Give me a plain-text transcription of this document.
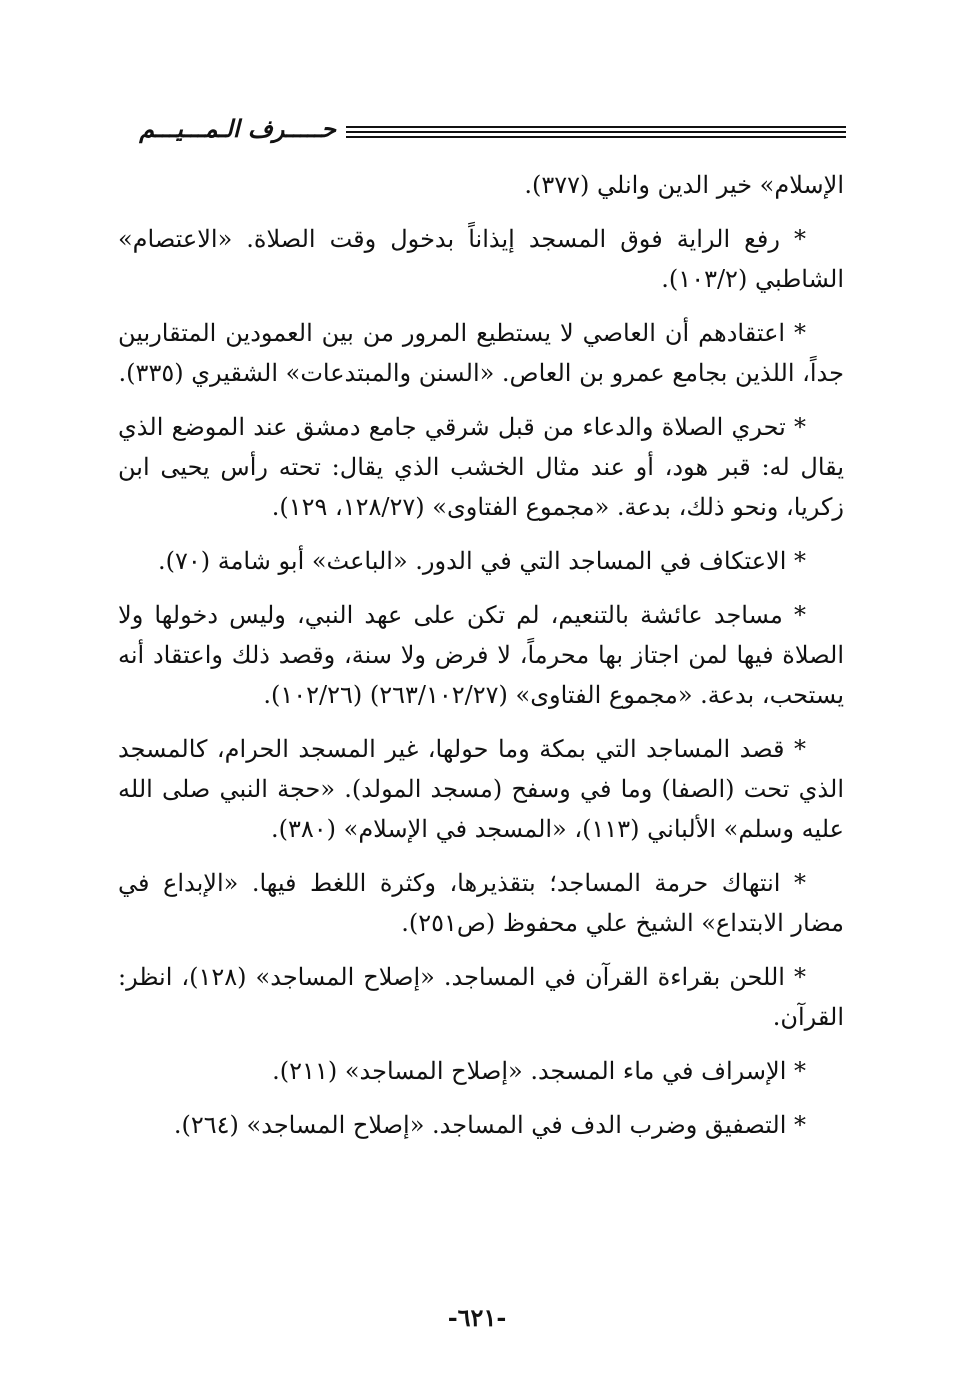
حـــــرف الـمـــيـــم

الإسلام» خير الدين وانلي (٣٧٧).

* رفع الراية فوق المسجد إيذاناً بدخول وقت الصلاة. «الاعتصام» الشاطبي (١٠٣/٢).

* اعتقادهم أن العاصي لا يستطيع المرور من بين العمودين المتقاربين جداً، اللذين بجامع عمرو بن العاص. «السنن والمبتدعات» الشقيري (٣٣٥).

* تحري الصلاة والدعاء من قبل شرقي جامع دمشق عند الموضع الذي يقال له: قبر هود، أو عند مثال الخشب الذي يقال: تحته رأس يحيى ابن زكريا، ونحو ذلك، بدعة. «مجموع الفتاوى» (١٢٨/٢٧، ١٢٩).

* الاعتكاف في المساجد التي في الدور. «الباعث» أبو شامة (٧٠).

* مساجد عائشة بالتنعيم، لم تكن على عهد النبي، وليس دخولها ولا الصلاة فيها لمن اجتاز بها محرماً، لا فرض ولا سنة، وقصد ذلك واعتقاد أنه يستحب، بدعة. «مجموع الفتاوى» (٢٦٣/١٠٢/٢٧) (١٠٢/٢٦).

* قصد المساجد التي بمكة وما حولها، غير المسجد الحرام، كالمسجد الذي تحت (الصفا) وما في وسفح (مسجد المولد). «حجة النبي صلى الله عليه وسلم» الألباني (١١٣)، «المسجد في الإسلام» (٣٨٠).

* انتهاك حرمة المساجد؛ بتقذيرها، وكثرة اللغط فيها. «الإبداع في مضار الابتداع» الشيخ علي محفوظ (ص٢٥١).

* اللحن بقراءة القرآن في المساجد. «إصلاح المساجد» (١٢٨)، انظر: القرآن.

* الإسراف في ماء المسجد. «إصلاح المساجد» (٢١١).

* التصفيق وضرب الدف في المساجد. «إصلاح المساجد» (٢٦٤).

-٦٢١-
